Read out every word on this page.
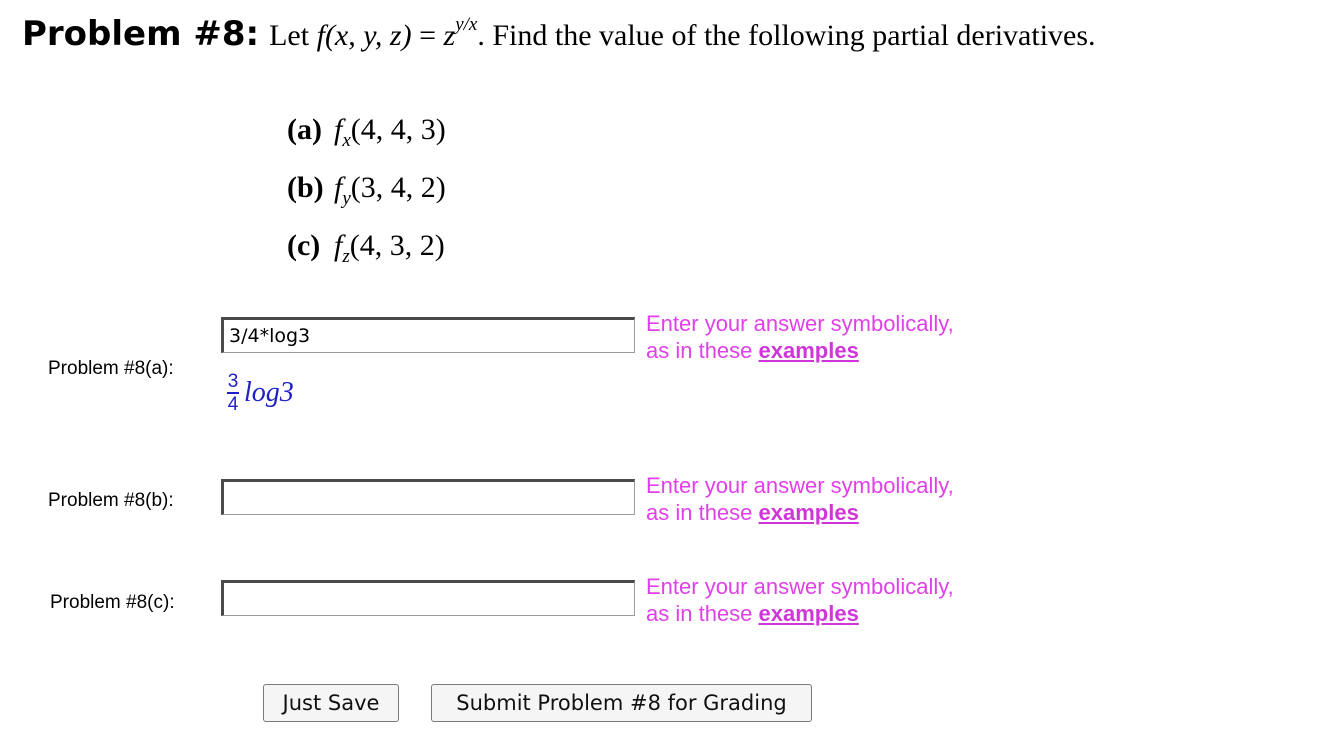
Problem #8: Let f(x, y, $z) = z^{y/x}$. Find the value of the following partial derivatives.
(a) $f_x(4$, 4, 3)
(b) $f_y(3$, 4, 2)
(c) $f_z(4$, 3, 2)
Problem #8(a):
3/4*log3
Enter your answer symbolically,
as in these examples
$\frac{3}{4} \log 3$
Problem #8(b):
Enter your answer symbolically,
as in these examples
Problem #8(c):
Enter your answer symbolically,
as in these examples
Just Save	Submit Problem #8 for Grading
